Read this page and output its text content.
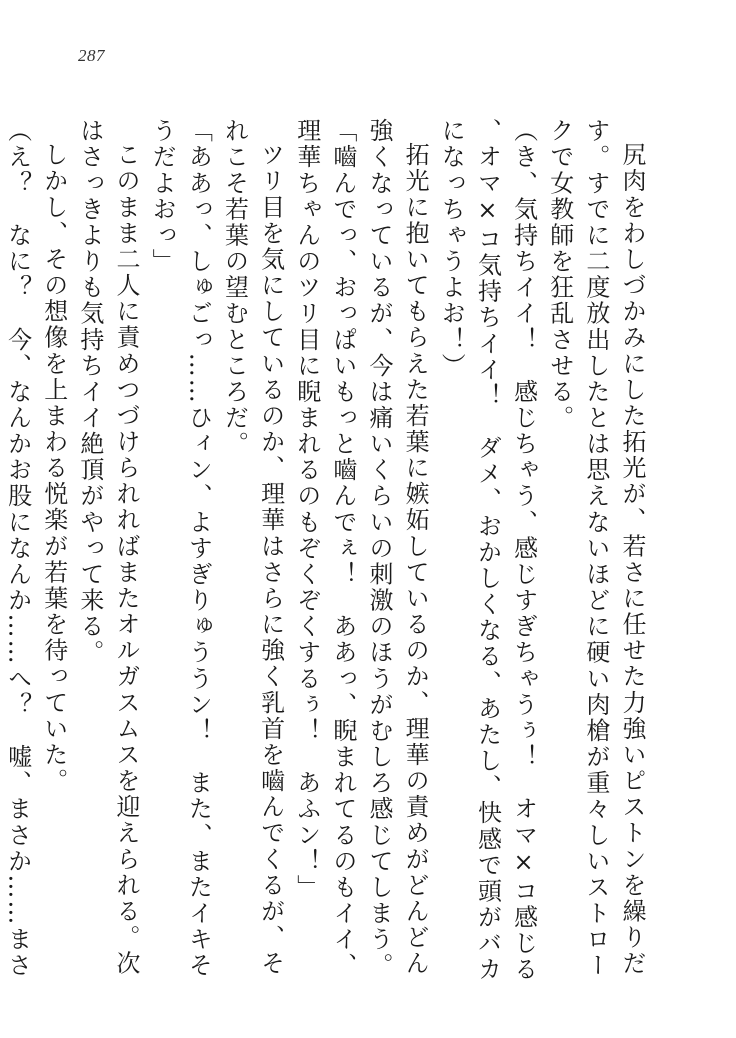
287

尻肉をわしづかみにした拓光が、若さに任せた力強いピストンを繰りだす。すでに二度放出したとは思えないほどに硬い肉槍が重々しいストロークで女教師を狂乱させる。

（き、気持ちイイ！　感じちゃう、感じすぎちゃうぅ！　オマ×コ感じる、オマ×コ気持ちイイ！　ダメ、おかしくなる、あたし、快感で頭がバカになっちゃうよお！）

拓光に抱いてもらえた若葉に嫉妬しているのか、理華の責めがどんどん強くなっているが、今は痛いくらいの刺激のほうがむしろ感じてしまう。

「嚙んでっ、おっぱいもっと嚙んでぇ！　ああっ、睨まれてるのもイイ、理華ちゃんのツリ目に睨まれるのもぞくぞくするぅ！　あふン！」

ツリ目を気にしているのか、理華はさらに強く乳首を嚙んでくるが、それこそ若葉の望むところだ。

「ああっ、しゅごっ……ひィン、よすぎりゅううン！　また、またイキそうだよおっ」

このまま二人に責めつづけられればまたオルガスムスを迎えられる。次はさっきよりも気持ちイイ絶頂がやって来る。

しかし、その想像を上まわる悦楽が若葉を待っていた。

（え？　なに？　今、なんかお股になんか……へ？　嘘、まさか……まさ
